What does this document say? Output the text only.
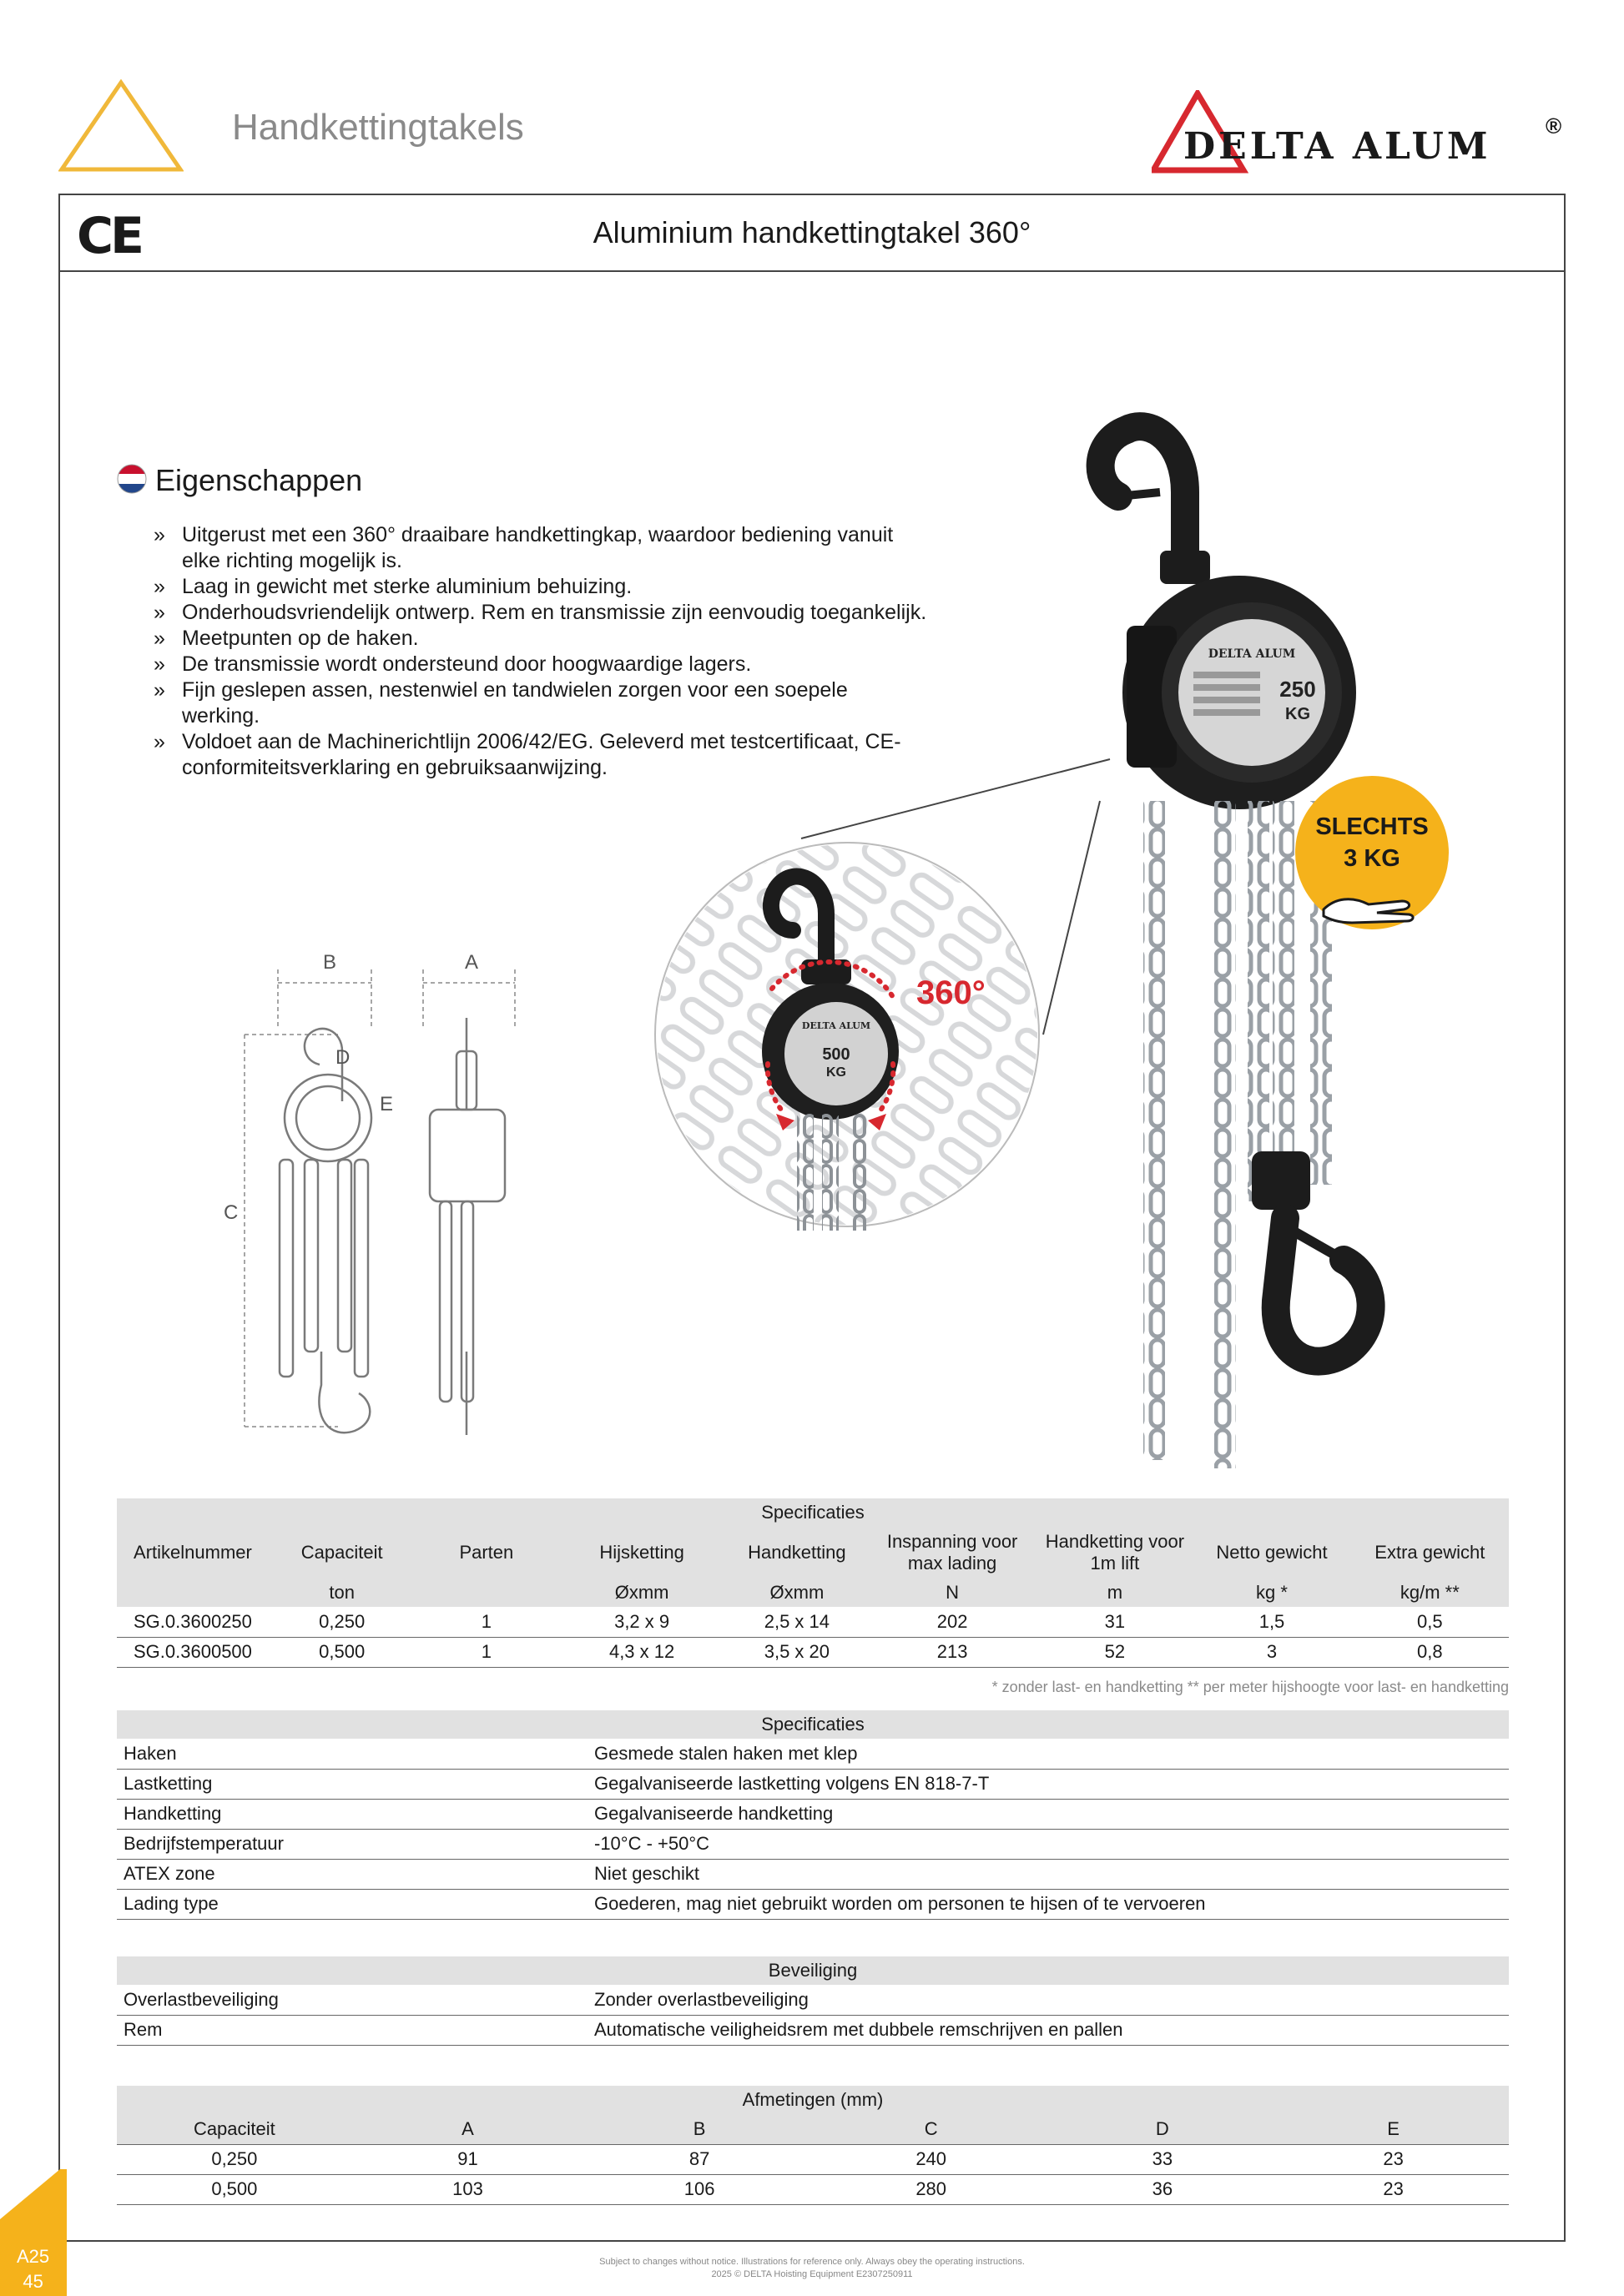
Handkettingtakels	DELTA ALUM	®
CE	Aluminium handkettingtakel 360°
Eigenschappen
» Uitgerust met een 360° draaibare handkettingkap, waardoor bediening vanuit elke richting mogelijk is.
» Laag in gewicht met sterke aluminium behuizing.
» Onderhoudsvriendelijk ontwerp. Rem en transmissie zijn eenvoudig toegankelijk.
» Meetpunten op de haken.
» De transmissie wordt ondersteund door hoogwaardige lagers.
» Fijn geslepen assen, nestenwiel en tandwielen zorgen voor een soepele werking.
» Voldoet aan de Machinerichtlijn 2006/42/EG. Geleverd met testcertificaat, CE-conformiteitsverklaring en gebruiksaanwijzing.
DELTA ALUM
250
KG
SLECHTS
3 KG
DELTA ALUM
500
KG
360°
B	A
C
D
E
Specificaties								
Artikelnummer	Capaciteit	Parten	Hijsketting	Handketting	Inspanning voor max lading	Handketting voor 1m lift	Netto gewicht	Extra gewicht
	ton		Øxmm	Øxmm	N	m	kg *	kg/m **
SG.0.3600250	0,250	1	3,2 x 9	2,5 x 14	202	31	1,5	0,5
SG.0.3600500	0,500	1	4,3 x 12	3,5 x 20	213	52	3	0,8
* zonder last- en handketting ** per meter hijshoogte voor last- en handketting
Specificaties	
Haken	Gesmede stalen haken met klep
Lastketting	Gegalvaniseerde lastketting volgens EN 818-7-T
Handketting	Gegalvaniseerde handketting
Bedrijfstemperatuur	-10°C - +50°C
ATEX zone	Niet geschikt
Lading type	Goederen, mag niet gebruikt worden om personen te hijsen of te vervoeren
Beveiliging	
Overlastbeveiliging	Zonder overlastbeveiliging
Rem	Automatische veiligheidsrem met dubbele remschrijven en pallen
Afmetingen (mm)					
Capaciteit	A	B	C	D	E
0,250	91	87	240	33	23
0,500	103	106	280	36	23
A25
45
Subject to changes without notice. Illustrations for reference only. Always obey the operating instructions.
2025 © DELTA Hoisting Equipment E2307250911
